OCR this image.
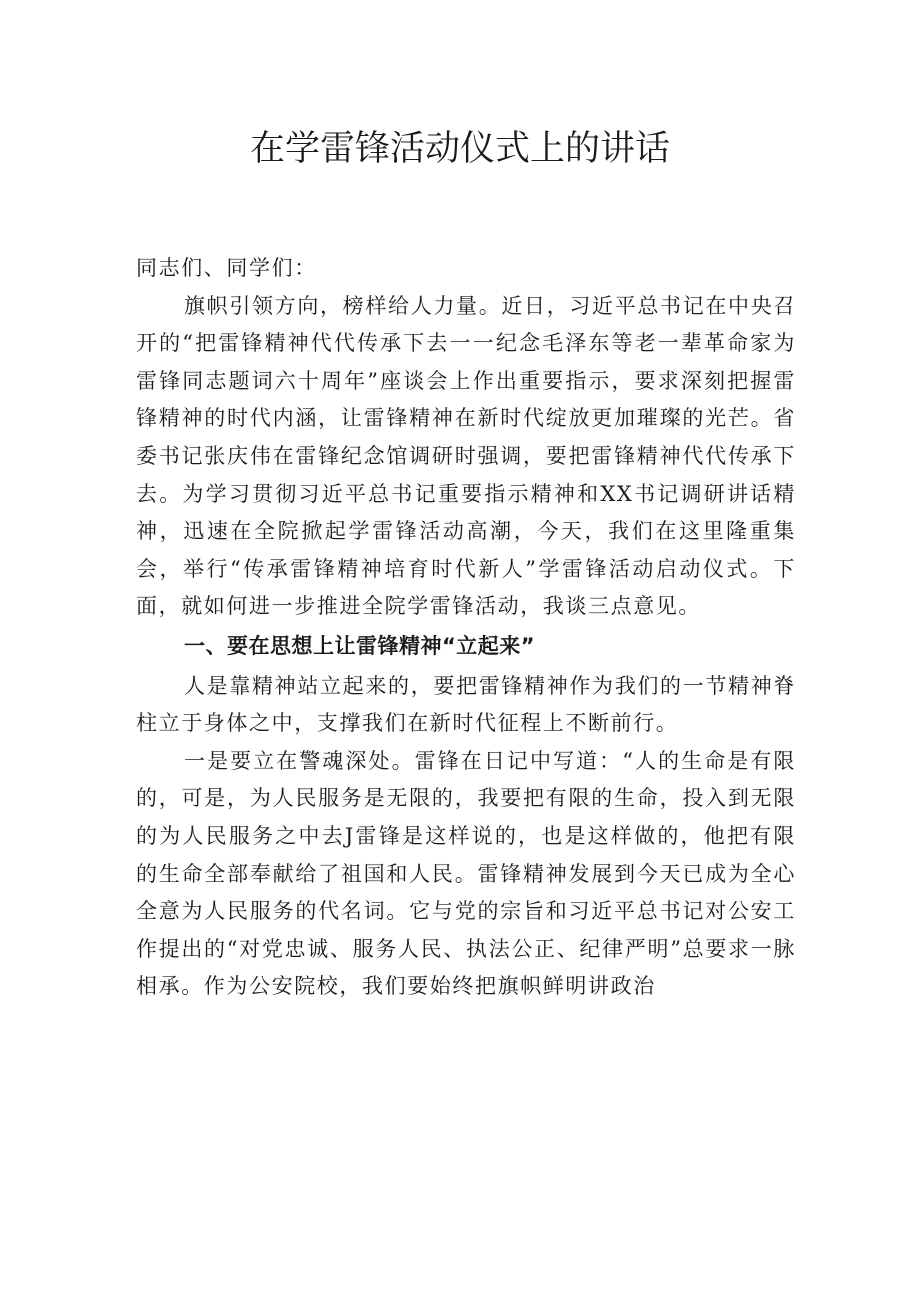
在学雷锋活动仪式上的讲话

同志们、同学们：

旗帜引领方向，榜样给人力量。近日，习近平总书记在中央召开的“把雷锋精神代代传承下去一一纪念毛泽东等老一辈革命家为雷锋同志题词六十周年”座谈会上作出重要指示，要求深刻把握雷锋精神的时代内涵，让雷锋精神在新时代绽放更加璀璨的光芒。省委书记张庆伟在雷锋纪念馆调研时强调，要把雷锋精神代代传承下去。为学习贯彻习近平总书记重要指示精神和XX书记调研讲话精神，迅速在全院掀起学雷锋活动高潮，今天，我们在这里隆重集会，举行“传承雷锋精神培育时代新人”学雷锋活动启动仪式。下面，就如何进一步推进全院学雷锋活动，我谈三点意见。

一、要在思想上让雷锋精神“立起来”

人是靠精神站立起来的，要把雷锋精神作为我们的一节精神脊柱立于身体之中，支撑我们在新时代征程上不断前行。

一是要立在警魂深处。雷锋在日记中写道：“人的生命是有限的，可是，为人民服务是无限的，我要把有限的生命，投入到无限的为人民服务之中去J雷锋是这样说的，也是这样做的，他把有限的生命全部奉献给了祖国和人民。雷锋精神发展到今天已成为全心全意为人民服务的代名词。它与党的宗旨和习近平总书记对公安工作提出的“对党忠诚、服务人民、执法公正、纪律严明”总要求一脉相承。作为公安院校，我们要始终把旗帜鲜明讲政治
